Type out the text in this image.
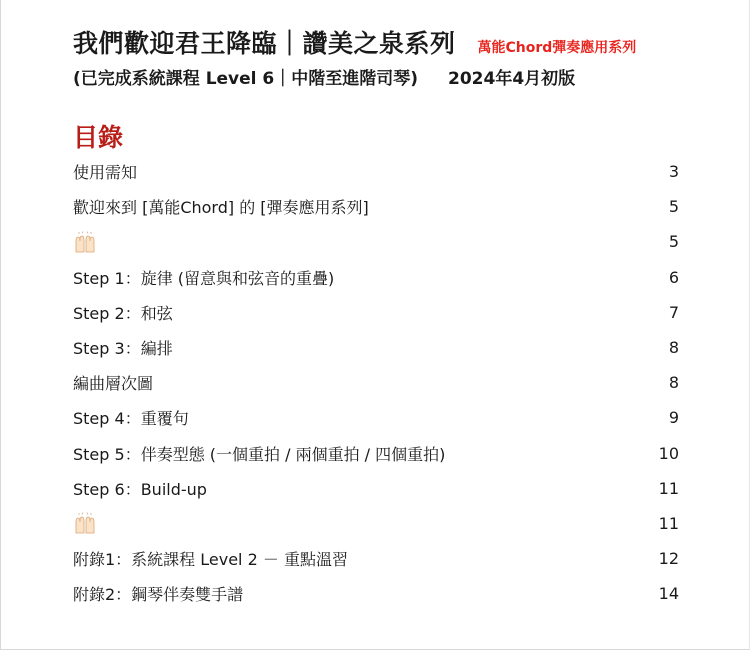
我們歡迎君王降臨｜讚美之泉系列 萬能Chord彈奏應用系列
(已完成系統課程 Level 6｜中階至進階司琴) 2024年4月初版
目錄
使用需知	3
歡迎來到 [萬能Chord] 的 [彈奏應用系列]	5
5
Step 1：旋律 (留意與和弦音的重疊)	6
Step 2：和弦	7
Step 3：編排	8
編曲層次圖	8
Step 4：重覆句	9
Step 5：伴奏型態 (一個重拍 / 兩個重拍 / 四個重拍)	10
Step 6：Build-up	11
11
附錄1：系統課程 Level 2 － 重點溫習	12
附錄2：鋼琴伴奏雙手譜	14
